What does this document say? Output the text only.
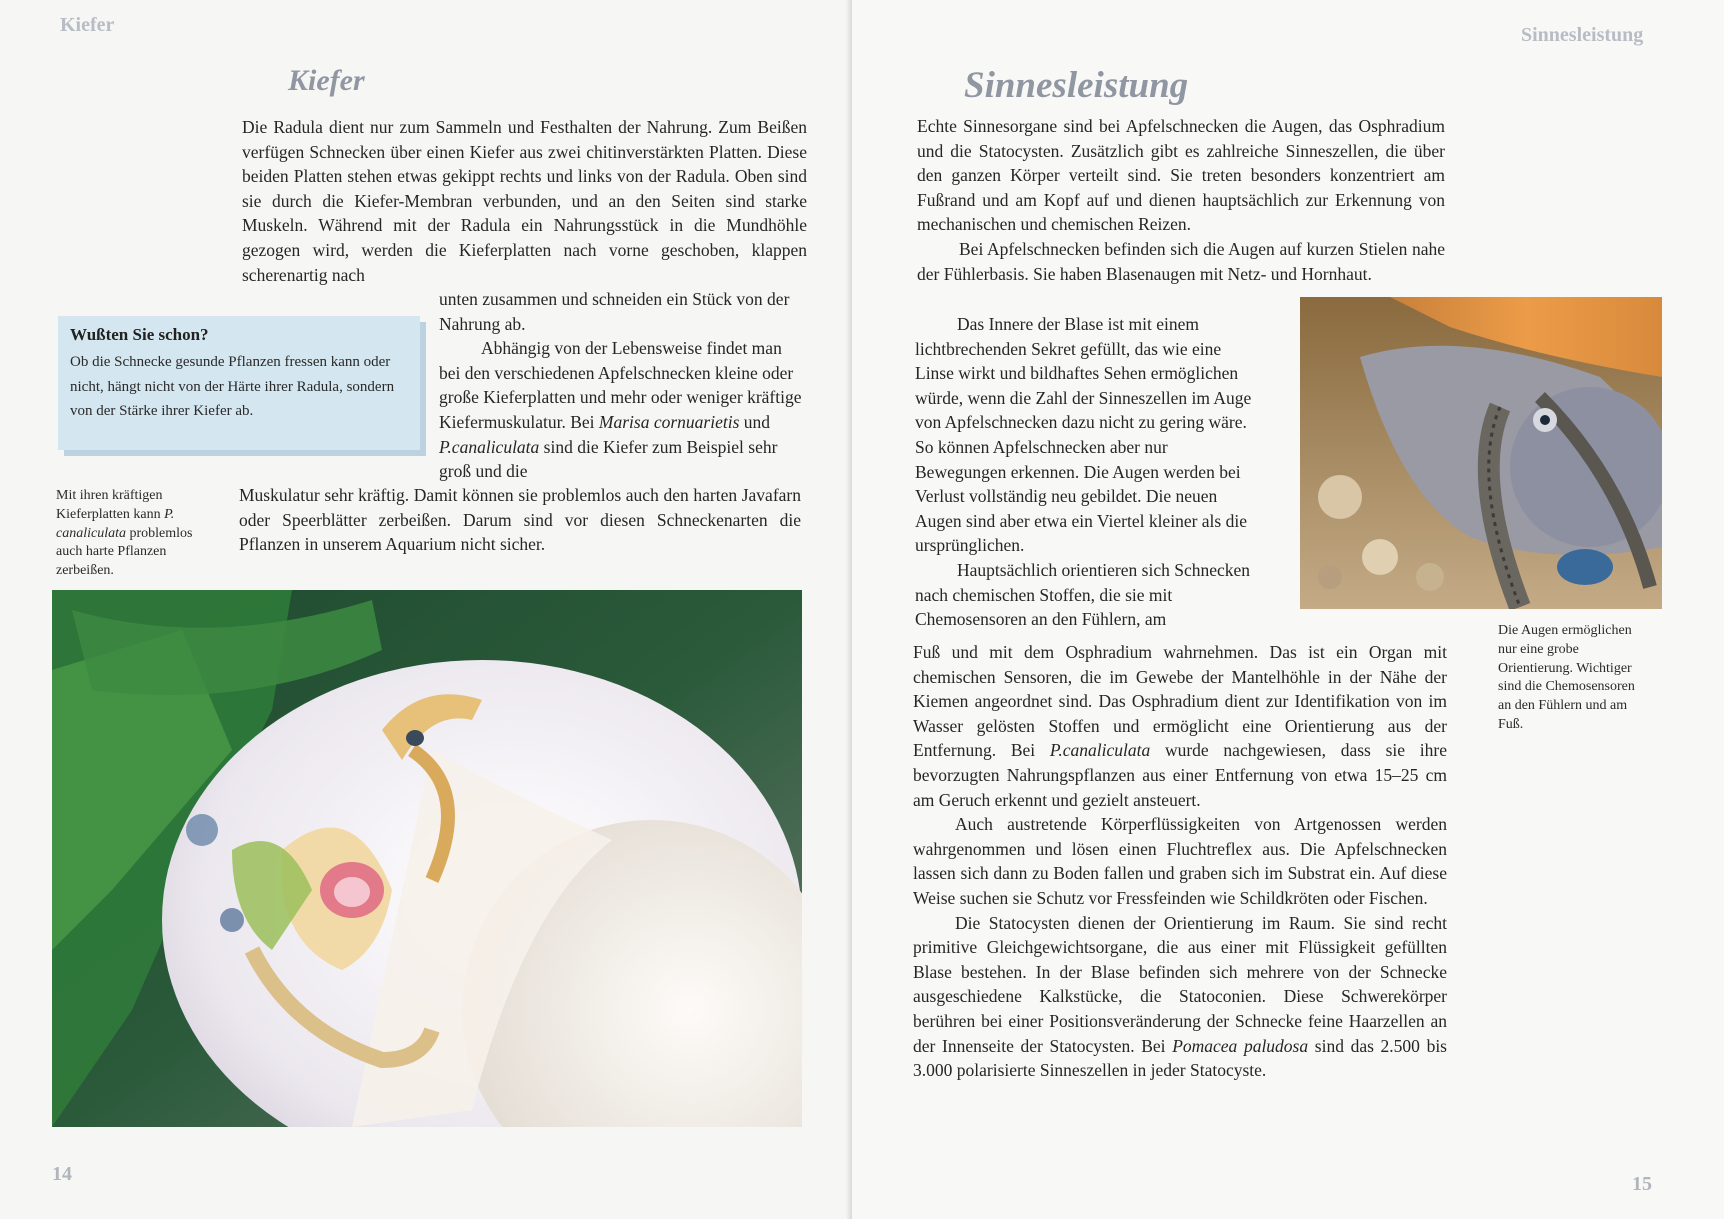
Kiefer
Kiefer

Die Radula dient nur zum Sammeln und Festhalten der Nahrung. Zum Beißen verfügen Schnecken über einen Kiefer aus zwei chitinverstärkten Platten. Diese beiden Platten stehen etwas gekippt rechts und links von der Radula. Oben sind sie durch die Kiefer-Membran verbunden, und an den Seiten sind starke Muskeln. Während mit der Radula ein Nahrungsstück in die Mundhöhle gezogen wird, werden die Kieferplatten nach vorne geschoben, klappen scherenartig nach

unten zusammen und schneiden ein Stück von der Nahrung ab.

Abhängig von der Lebensweise findet man bei den verschiedenen Apfelschnecken kleine oder große Kieferplatten und mehr oder weniger kräftige Kiefermuskulatur. Bei Marisa cornuarietis und P.canaliculata sind die Kiefer zum Beispiel sehr groß und die

Muskulatur sehr kräftig. Damit können sie problemlos auch den harten Javafarn oder Speerblätter zerbeißen. Darum sind vor diesen Schneckenarten die Pflanzen in unserem Aquarium nicht sicher.

Wußten Sie schon?

Ob die Schnecke gesunde Pflanzen fressen kann oder nicht, hängt nicht von der Härte ihrer Radula, sondern von der Stärke ihrer Kiefer ab.

Mit ihren kräftigen Kieferplatten kann P. canaliculata problemlos auch harte Pflanzen zerbeißen.

14
Sinnesleistung
Sinnesleistung

Echte Sinnesorgane sind bei Apfelschnecken die Augen, das Osphradium und die Statocysten. Zusätzlich gibt es zahlreiche Sinneszellen, die über den ganzen Körper verteilt sind. Sie treten besonders konzentriert am Fußrand und am Kopf auf und dienen hauptsächlich zur Erkennung von mechanischen und chemischen Reizen.

Bei Apfelschnecken befinden sich die Augen auf kurzen Stielen nahe der Fühlerbasis. Sie haben Blasenaugen mit Netz- und Hornhaut.

Das Innere der Blase ist mit einem lichtbrechenden Sekret gefüllt, das wie eine Linse wirkt und bildhaftes Sehen ermöglichen würde, wenn die Zahl der Sinneszellen im Auge von Apfelschnecken dazu nicht zu gering wäre. So können Apfelschnecken aber nur Bewegungen erkennen. Die Augen werden bei Verlust vollständig neu gebildet. Die neuen Augen sind aber etwa ein Viertel kleiner als die ursprünglichen.

Hauptsächlich orientieren sich Schnecken nach chemischen Stoffen, die sie mit Chemosensoren an den Fühlern, am

Fuß und mit dem Osphradium wahrnehmen. Das ist ein Organ mit chemischen Sensoren, die im Gewebe der Mantelhöhle in der Nähe der Kiemen angeordnet sind. Das Osphradium dient zur Identifikation von im Wasser gelösten Stoffen und ermöglicht eine Orientierung aus der Entfernung. Bei P.canaliculata wurde nachgewiesen, dass sie ihre bevorzugten Nahrungspflanzen aus einer Entfernung von etwa 15–25 cm am Geruch erkennt und gezielt ansteuert.

Auch austretende Körperflüssigkeiten von Artgenossen werden wahrgenommen und lösen einen Fluchtreflex aus. Die Apfelschnecken lassen sich dann zu Boden fallen und graben sich im Substrat ein. Auf diese Weise suchen sie Schutz vor Fressfeinden wie Schildkröten oder Fischen.

Die Statocysten dienen der Orientierung im Raum. Sie sind recht primitive Gleichgewichtsorgane, die aus einer mit Flüssigkeit gefüllten Blase bestehen. In der Blase befinden sich mehrere von der Schnecke ausgeschiedene Kalkstücke, die Statoconien. Diese Schwerekörper berühren bei einer Positionsveränderung der Schnecke feine Haarzellen an der Innenseite der Statocysten. Bei Pomacea paludosa sind das 2.500 bis 3.000 polarisierte Sinneszellen in jeder Statocyste.

Die Augen ermöglichen nur eine grobe Orientierung. Wichtiger sind die Chemosensoren an den Fühlern und am Fuß.

15
